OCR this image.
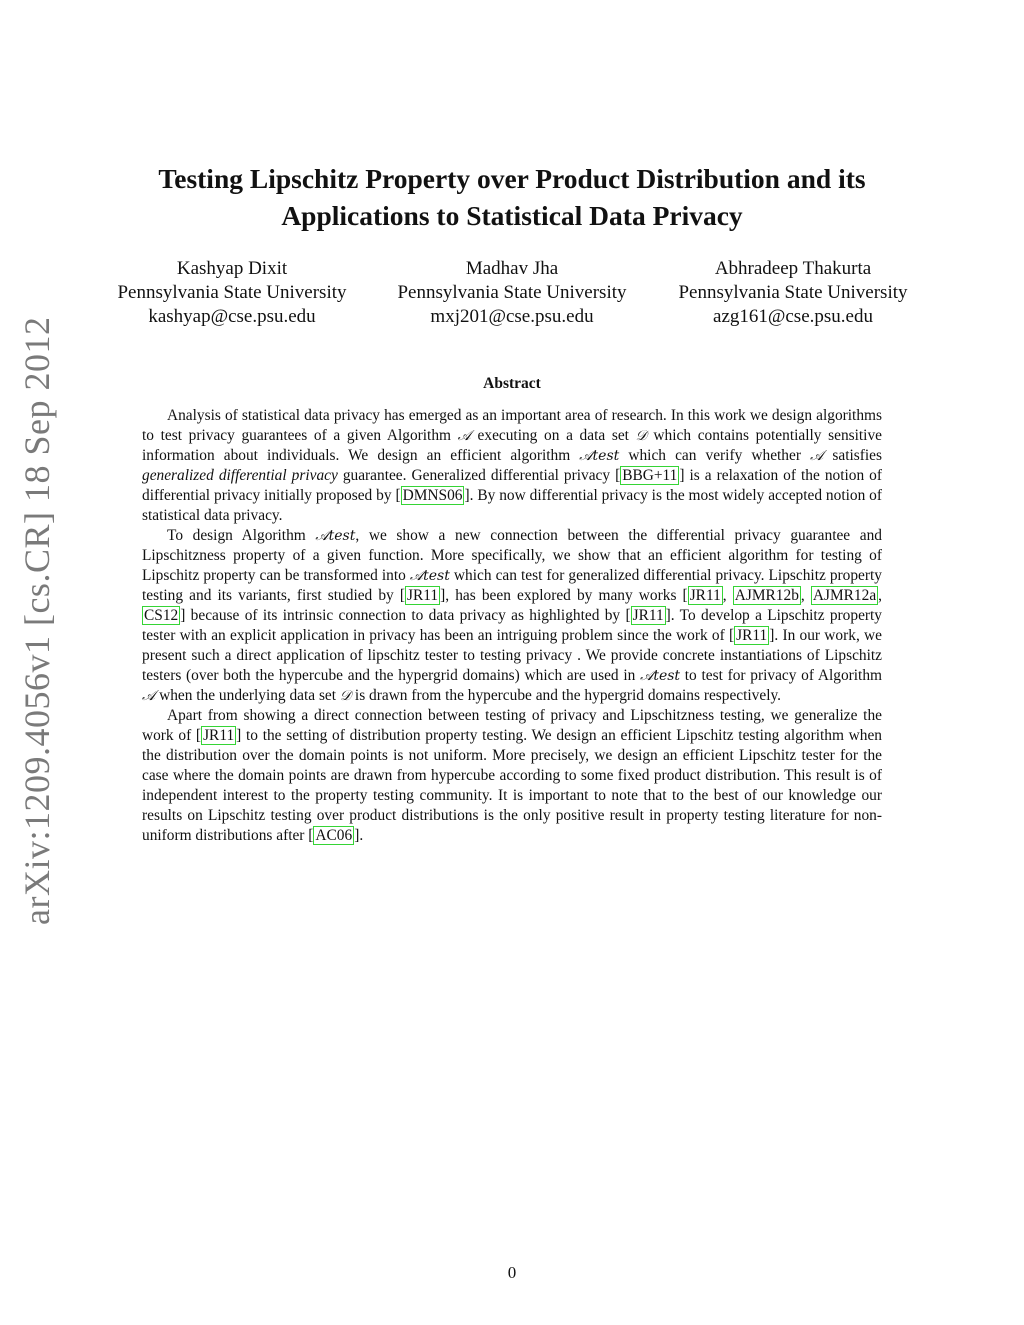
arXiv:1209.4056v1 [cs.CR] 18 Sep 2012
Testing Lipschitz Property over Product Distribution and its
Applications to Statistical Data Privacy
Kashyap Dixit
Pennsylvania State University
kashyap@cse.psu.edu
Madhav Jha
Pennsylvania State University
mxj201@cse.psu.edu
Abhradeep Thakurta
Pennsylvania State University
azg161@cse.psu.edu
Abstract

Analysis of statistical data privacy has emerged as an important area of research. In this work we design algorithms to test privacy guarantees of a given Algorithm 𝒜 executing on a data set 𝒟 which contains potentially sensitive information about individuals. We design an efficient algorithm 𝒜test which can verify whether 𝒜 satisfies generalized differential privacy guarantee. Generalized differential privacy [ BBG+11 ] is a relaxation of the notion of differential privacy initially proposed by [ DMNS06 ]. By now differential privacy is the most widely accepted notion of statistical data privacy.

To design Algorithm 𝒜test, we show a new connection between the differential privacy guarantee and Lipschitzness property of a given function. More specifically, we show that an efficient algorithm for testing of Lipschitz property can be transformed into 𝒜test which can test for generalized differential privacy. Lipschitz property testing and its variants, first studied by [ JR11 ], has been explored by many works [ JR11 , AJMR12b , AJMR12a , CS12 ] because of its intrinsic connection to data privacy as highlighted by [ JR11 ]. To develop a Lipschitz property tester with an explicit application in privacy has been an intriguing problem since the work of [ JR11 ]. In our work, we present such a direct application of lipschitz tester to testing privacy . We provide concrete instantiations of Lipschitz testers (over both the hypercube and the hypergrid domains) which are used in 𝒜test to test for privacy of Algorithm 𝒜 when the underlying data set 𝒟 is drawn from the hypercube and the hypergrid domains respectively.

Apart from showing a direct connection between testing of privacy and Lipschitzness testing, we generalize the work of [ JR11 ] to the setting of distribution property testing. We design an efficient Lipschitz testing algorithm when the distribution over the domain points is not uniform. More precisely, we design an efficient Lipschitz tester for the case where the domain points are drawn from hypercube according to some fixed product distribution. This result is of independent interest to the property testing community. It is important to note that to the best of our knowledge our results on Lipschitz testing over product distributions is the only positive result in property testing literature for non-uniform distributions after [ AC06 ].

0
